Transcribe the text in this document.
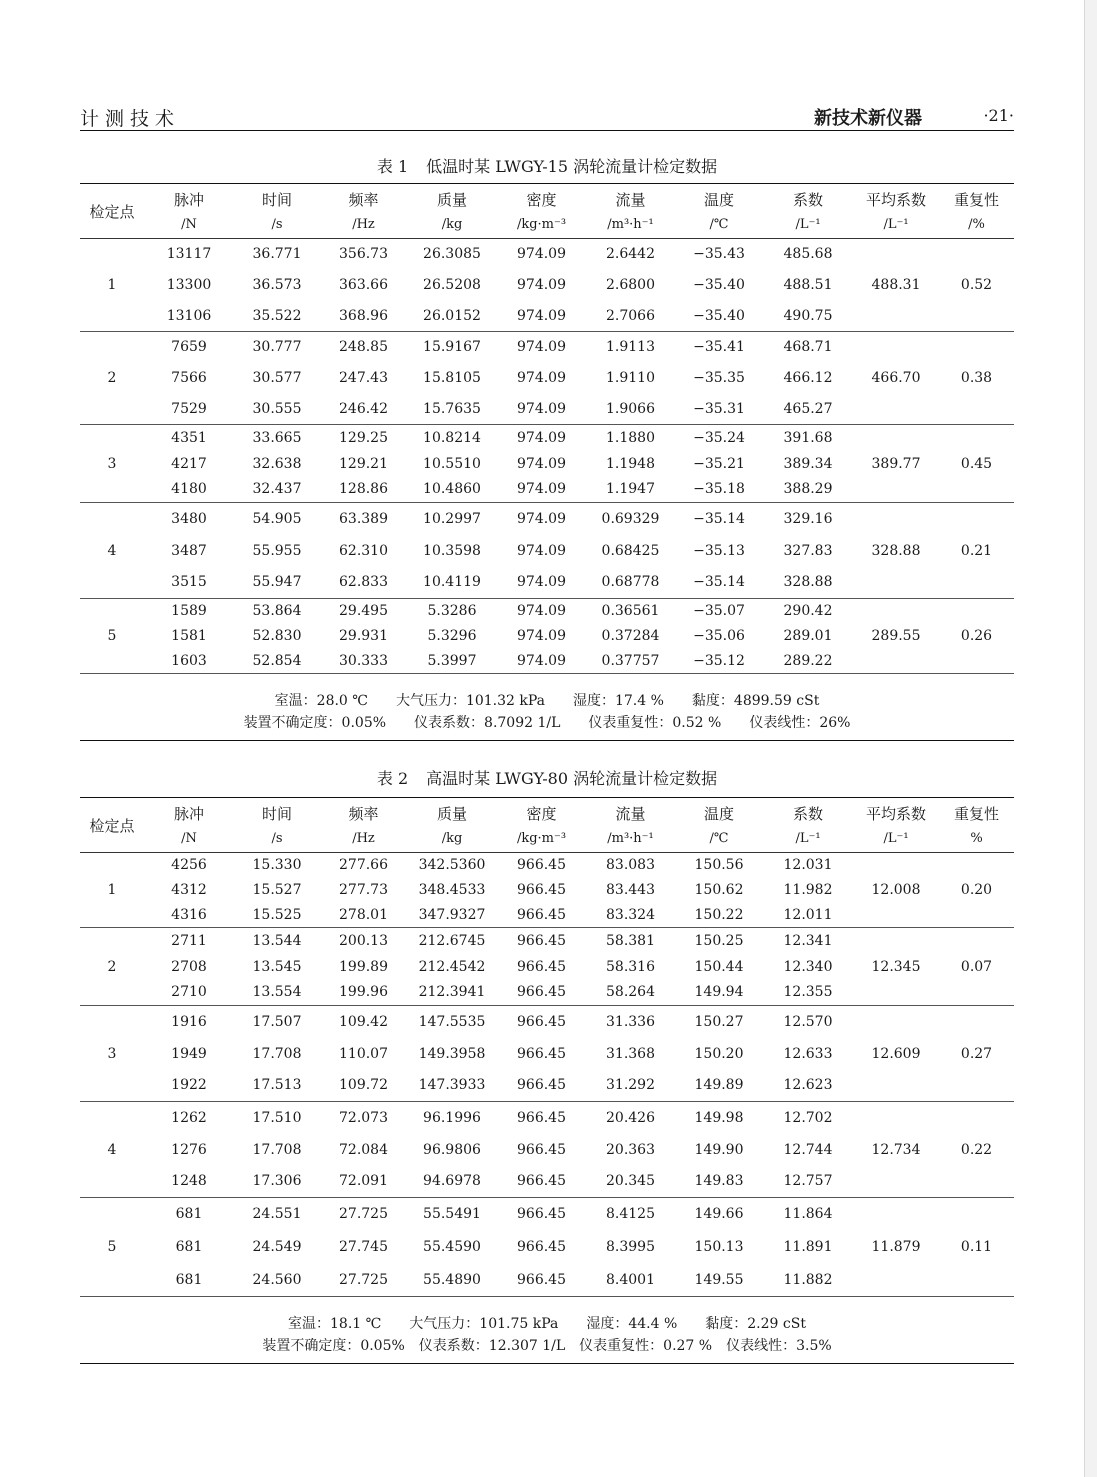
计测技术	新技术新仪器	·21·
表 1 低温时某 LWGY-15 涡轮流量计检定数据
检定点	脉冲	时间	频率	质量	密度	流量	温度	系数	平均系数	重复性
	/N	/s	/Hz	/kg	/kg·m⁻³	/m³·h⁻¹	/℃	/L⁻¹	/L⁻¹	/%
1	13117	36.771	356.73	26.3085	974.09	2.6442	−35.43	485.68	488.31	0.52
	13300	36.573	363.66	26.5208	974.09	2.6800	−35.40	488.51		
	13106	35.522	368.96	26.0152	974.09	2.7066	−35.40	490.75		
2	7659	30.777	248.85	15.9167	974.09	1.9113	−35.41	468.71	466.70	0.38
	7566	30.577	247.43	15.8105	974.09	1.9110	−35.35	466.12		
	7529	30.555	246.42	15.7635	974.09	1.9066	−35.31	465.27		
3	4351	33.665	129.25	10.8214	974.09	1.1880	−35.24	391.68	389.77	0.45
	4217	32.638	129.21	10.5510	974.09	1.1948	−35.21	389.34		
	4180	32.437	128.86	10.4860	974.09	1.1947	−35.18	388.29		
4	3480	54.905	63.389	10.2997	974.09	0.69329	−35.14	329.16	328.88	0.21
	3487	55.955	62.310	10.3598	974.09	0.68425	−35.13	327.83		
	3515	55.947	62.833	10.4119	974.09	0.68778	−35.14	328.88		
5	1589	53.864	29.495	5.3286	974.09	0.36561	−35.07	290.42	289.55	0.26
	1581	52.830	29.931	5.3296	974.09	0.37284	−35.06	289.01		
	1603	52.854	30.333	5.3997	974.09	0.37757	−35.12	289.22		
室温：28.0 ℃　　大气压力：101.32 kPa　　湿度：17.4 %　　黏度：4899.59 cSt										
装置不确定度：0.05%　　仪表系数：8.7092 1/L　　仪表重复性：0.52 %　　仪表线性：26%										
表 2 高温时某 LWGY-80 涡轮流量计检定数据
检定点	脉冲	时间	频率	质量	密度	流量	温度	系数	平均系数	重复性
	/N	/s	/Hz	/kg	/kg·m⁻³	/m³·h⁻¹	/℃	/L⁻¹	/L⁻¹	%
1	4256	15.330	277.66	342.5360	966.45	83.083	150.56	12.031	12.008	0.20
	4312	15.527	277.73	348.4533	966.45	83.443	150.62	11.982		
	4316	15.525	278.01	347.9327	966.45	83.324	150.22	12.011		
2	2711	13.544	200.13	212.6745	966.45	58.381	150.25	12.341	12.345	0.07
	2708	13.545	199.89	212.4542	966.45	58.316	150.44	12.340		
	2710	13.554	199.96	212.3941	966.45	58.264	149.94	12.355		
3	1916	17.507	109.42	147.5535	966.45	31.336	150.27	12.570	12.609	0.27
	1949	17.708	110.07	149.3958	966.45	31.368	150.20	12.633		
	1922	17.513	109.72	147.3933	966.45	31.292	149.89	12.623		
4	1262	17.510	72.073	96.1996	966.45	20.426	149.98	12.702	12.734	0.22
	1276	17.708	72.084	96.9806	966.45	20.363	149.90	12.744		
	1248	17.306	72.091	94.6978	966.45	20.345	149.83	12.757		
5	681	24.551	27.725	55.5491	966.45	8.4125	149.66	11.864	11.879	0.11
	681	24.549	27.745	55.4590	966.45	8.3995	150.13	11.891		
	681	24.560	27.725	55.4890	966.45	8.4001	149.55	11.882		
室温：18.1 ℃　　大气压力：101.75 kPa　　湿度：44.4 %　　黏度：2.29 cSt										
装置不确定度：0.05%　仪表系数：12.307 1/L　仪表重复性：0.27 %　仪表线性：3.5%										
